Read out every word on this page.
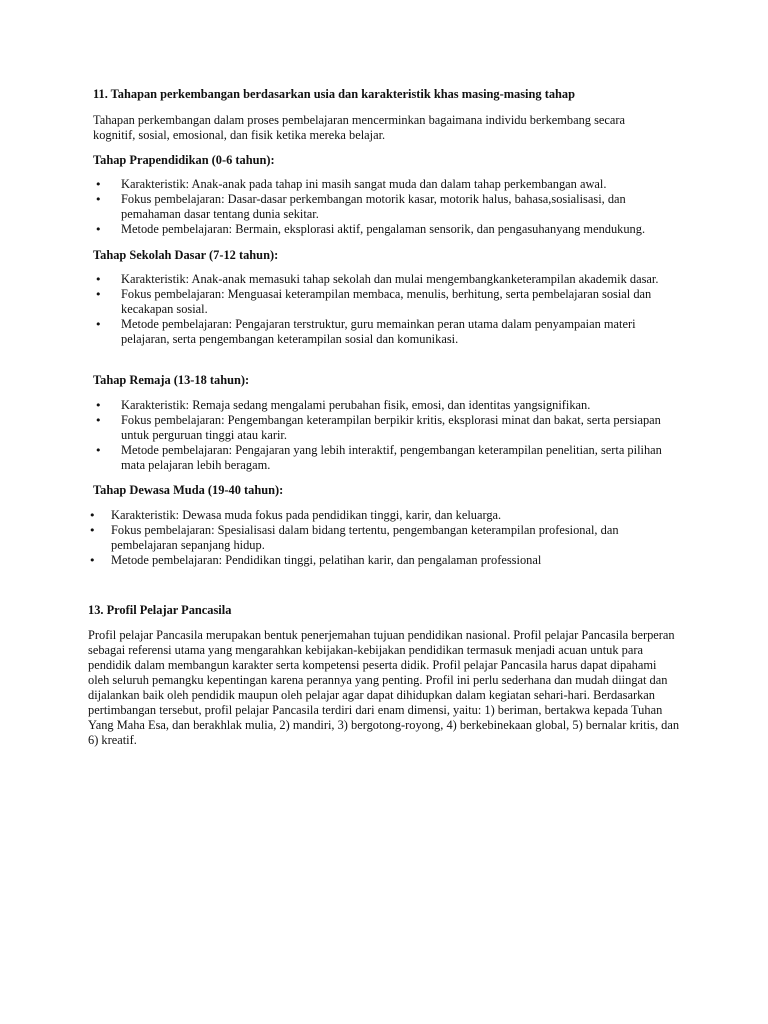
11. Tahapan perkembangan berdasarkan usia dan karakteristik khas masing-masing tahap

Tahapan perkembangan dalam proses pembelajaran mencerminkan bagaimana individu berkembang secara kognitif, sosial, emosional, dan fisik ketika mereka belajar.

Tahap Prapendidikan (0-6 tahun):
• Karakteristik: Anak-anak pada tahap ini masih sangat muda dan dalam tahap perkembangan awal.
• Fokus pembelajaran: Dasar-dasar perkembangan motorik kasar, motorik halus, bahasa,sosialisasi, dan pemahaman dasar tentang dunia sekitar.
• Metode pembelajaran: Bermain, eksplorasi aktif, pengalaman sensorik, dan pengasuhanyang mendukung.
Tahap Sekolah Dasar (7-12 tahun):
• Karakteristik: Anak-anak memasuki tahap sekolah dan mulai mengembangkanketerampilan akademik dasar.
• Fokus pembelajaran: Menguasai keterampilan membaca, menulis, berhitung, serta pembelajaran sosial dan kecakapan sosial.
• Metode pembelajaran: Pengajaran terstruktur, guru memainkan peran utama dalam penyampaian materi pelajaran, serta pengembangan keterampilan sosial dan komunikasi.
Tahap Remaja (13-18 tahun):
• Karakteristik: Remaja sedang mengalami perubahan fisik, emosi, dan identitas yangsignifikan.
• Fokus pembelajaran: Pengembangan keterampilan berpikir kritis, eksplorasi minat dan bakat, serta persiapan untuk perguruan tinggi atau karir.
• Metode pembelajaran: Pengajaran yang lebih interaktif, pengembangan keterampilan penelitian, serta pilihan mata pelajaran lebih beragam.
Tahap Dewasa Muda (19-40 tahun):
• Karakteristik: Dewasa muda fokus pada pendidikan tinggi, karir, dan keluarga.
• Fokus pembelajaran: Spesialisasi dalam bidang tertentu, pengembangan keterampilan profesional, dan pembelajaran sepanjang hidup.
• Metode pembelajaran: Pendidikan tinggi, pelatihan karir, dan pengalaman professional
13. Profil Pelajar Pancasila

Profil pelajar Pancasila merupakan bentuk penerjemahan tujuan pendidikan nasional. Profil pelajar Pancasila berperan sebagai referensi utama yang mengarahkan kebijakan-kebijakan pendidikan termasuk menjadi acuan untuk para pendidik dalam membangun karakter serta kompetensi peserta didik. Profil pelajar Pancasila harus dapat dipahami oleh seluruh pemangku kepentingan karena perannya yang penting. Profil ini perlu sederhana dan mudah diingat dan dijalankan baik oleh pendidik maupun oleh pelajar agar dapat dihidupkan dalam kegiatan sehari-hari. Berdasarkan pertimbangan tersebut, profil pelajar Pancasila terdiri dari enam dimensi, yaitu: 1) beriman, bertakwa kepada Tuhan Yang Maha Esa, dan berakhlak mulia, 2) mandiri, 3) bergotong-royong, 4) berkebinekaan global, 5) bernalar kritis, dan 6) kreatif.
